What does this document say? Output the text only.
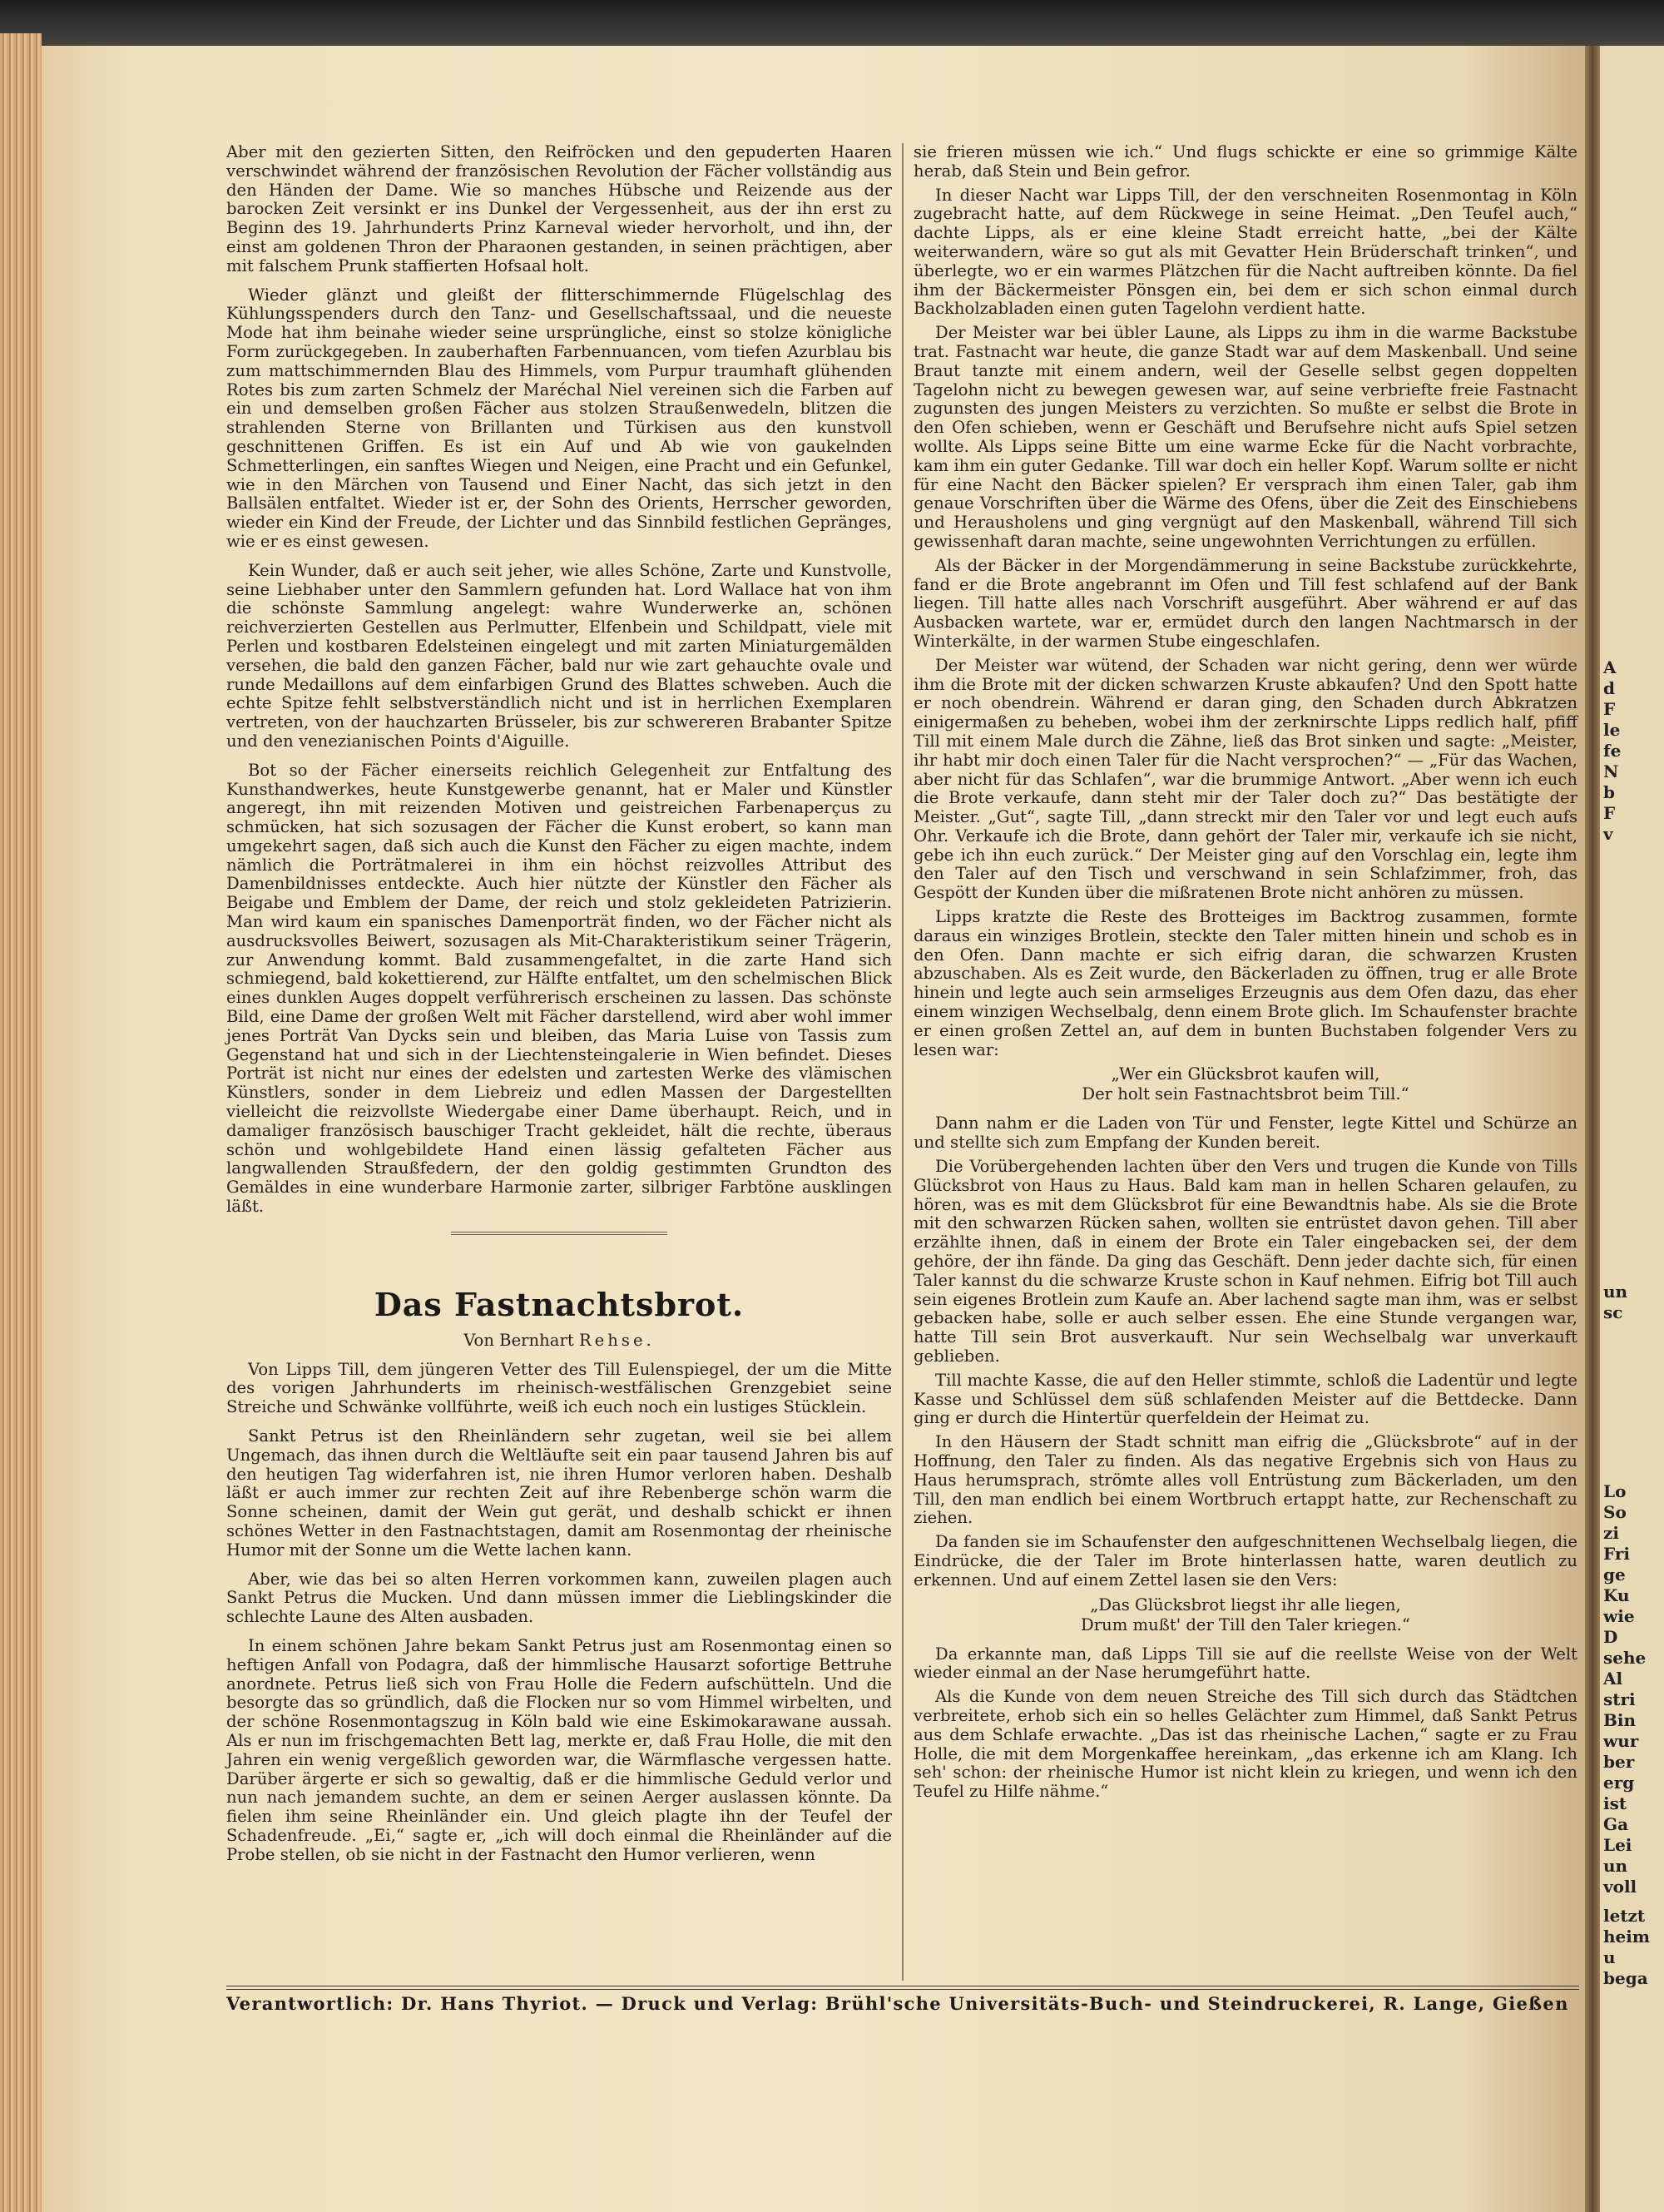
Aber mit den gezierten Sitten, den Reifröcken und den gepuderten Haaren verschwindet während der französischen Revolution der Fächer vollständig aus den Händen der Dame. Wie so manches Hübsche und Reizende aus der barocken Zeit versinkt er ins Dunkel der Vergessenheit, aus der ihn erst zu Beginn des 19. Jahrhunderts Prinz Karneval wieder hervorholt, und ihn, der einst am goldenen Thron der Pharaonen gestanden, in seinen prächtigen, aber mit falschem Prunk staffierten Hofsaal holt.

Wieder glänzt und gleißt der flitterschimmernde Flügelschlag des Kühlungsspenders durch den Tanz- und Gesellschaftssaal, und die neueste Mode hat ihm beinahe wieder seine ursprüngliche, einst so stolze königliche Form zurückgegeben. In zauberhaften Farbennuancen, vom tiefen Azurblau bis zum mattschimmernden Blau des Himmels, vom Purpur traumhaft glühenden Rotes bis zum zarten Schmelz der Maréchal Niel vereinen sich die Farben auf ein und demselben großen Fächer aus stolzen Straußenwedeln, blitzen die strahlenden Sterne von Brillanten und Türkisen aus den kunstvoll geschnittenen Griffen. Es ist ein Auf und Ab wie von gaukelnden Schmetterlingen, ein sanftes Wiegen und Neigen, eine Pracht und ein Gefunkel, wie in den Märchen von Tausend und Einer Nacht, das sich jetzt in den Ballsälen entfaltet. Wieder ist er, der Sohn des Orients, Herrscher geworden, wieder ein Kind der Freude, der Lichter und das Sinnbild festlichen Gepränges, wie er es einst gewesen.

Kein Wunder, daß er auch seit jeher, wie alles Schöne, Zarte und Kunstvolle, seine Liebhaber unter den Sammlern gefunden hat. Lord Wallace hat von ihm die schönste Sammlung angelegt: wahre Wunderwerke an, schönen reichverzierten Gestellen aus Perlmutter, Elfenbein und Schildpatt, viele mit Perlen und kostbaren Edelsteinen eingelegt und mit zarten Miniaturgemälden versehen, die bald den ganzen Fächer, bald nur wie zart gehauchte ovale und runde Medaillons auf dem einfarbigen Grund des Blattes schweben. Auch die echte Spitze fehlt selbstverständlich nicht und ist in herrlichen Exemplaren vertreten, von der hauchzarten Brüsseler, bis zur schwereren Brabanter Spitze und den venezianischen Points d'Aiguille.

Bot so der Fächer einerseits reichlich Gelegenheit zur Entfaltung des Kunsthandwerkes, heute Kunstgewerbe genannt, hat er Maler und Künstler angeregt, ihn mit reizenden Motiven und geistreichen Farbenaperçus zu schmücken, hat sich sozusagen der Fächer die Kunst erobert, so kann man umgekehrt sagen, daß sich auch die Kunst den Fächer zu eigen machte, indem nämlich die Porträtmalerei in ihm ein höchst reizvolles Attribut des Damenbildnisses entdeckte. Auch hier nützte der Künstler den Fächer als Beigabe und Emblem der Dame, der reich und stolz gekleideten Patrizierin. Man wird kaum ein spanisches Damenporträt finden, wo der Fächer nicht als ausdrucksvolles Beiwert, sozusagen als Mit-Charakteristikum seiner Trägerin, zur Anwendung kommt. Bald zusammengefaltet, in die zarte Hand sich schmiegend, bald kokettierend, zur Hälfte entfaltet, um den schelmischen Blick eines dunklen Auges doppelt verführerisch erscheinen zu lassen. Das schönste Bild, eine Dame der großen Welt mit Fächer darstellend, wird aber wohl immer jenes Porträt Van Dycks sein und bleiben, das Maria Luise von Tassis zum Gegenstand hat und sich in der Liechtensteingalerie in Wien befindet. Dieses Porträt ist nicht nur eines der edelsten und zartesten Werke des vlämischen Künstlers, sonder in dem Liebreiz und edlen Massen der Dargestellten vielleicht die reizvollste Wiedergabe einer Dame überhaupt. Reich, und in damaliger französisch bauschiger Tracht gekleidet, hält die rechte, überaus schön und wohlgebildete Hand einen lässig gefalteten Fächer aus langwallenden Straußfedern, der den goldig gestimmten Grundton des Gemäldes in eine wunderbare Harmonie zarter, silbriger Farbtöne ausklingen läßt.

Das Fastnachtsbrot.
Von Bernhart Rehse.

Von Lipps Till, dem jüngeren Vetter des Till Eulenspiegel, der um die Mitte des vorigen Jahrhunderts im rheinisch-westfälischen Grenzgebiet seine Streiche und Schwänke vollführte, weiß ich euch noch ein lustiges Stücklein.

Sankt Petrus ist den Rheinländern sehr zugetan, weil sie bei allem Ungemach, das ihnen durch die Weltläufte seit ein paar tausend Jahren bis auf den heutigen Tag widerfahren ist, nie ihren Humor verloren haben. Deshalb läßt er auch immer zur rechten Zeit auf ihre Rebenberge schön warm die Sonne scheinen, damit der Wein gut gerät, und deshalb schickt er ihnen schönes Wetter in den Fastnachtstagen, damit am Rosenmontag der rheinische Humor mit der Sonne um die Wette lachen kann.

Aber, wie das bei so alten Herren vorkommen kann, zuweilen plagen auch Sankt Petrus die Mucken. Und dann müssen immer die Lieblingskinder die schlechte Laune des Alten ausbaden.

In einem schönen Jahre bekam Sankt Petrus just am Rosenmontag einen so heftigen Anfall von Podagra, daß der himmlische Hausarzt sofortige Bettruhe anordnete. Petrus ließ sich von Frau Holle die Federn aufschütteln. Und die besorgte das so gründlich, daß die Flocken nur so vom Himmel wirbelten, und der schöne Rosenmontagszug in Köln bald wie eine Eskimokarawane aussah. Als er nun im frischgemachten Bett lag, merkte er, daß Frau Holle, die mit den Jahren ein wenig vergeßlich geworden war, die Wärmflasche vergessen hatte. Darüber ärgerte er sich so gewaltig, daß er die himmlische Geduld verlor und nun nach jemandem suchte, an dem er seinen Aerger auslassen könnte. Da fielen ihm seine Rheinländer ein. Und gleich plagte ihn der Teufel der Schadenfreude. „Ei,“ sagte er, „ich will doch einmal die Rheinländer auf die Probe stellen, ob sie nicht in der Fastnacht den Humor verlieren, wenn

sie frieren müssen wie ich.“ Und flugs schickte er eine so grimmige Kälte herab, daß Stein und Bein gefror.

In dieser Nacht war Lipps Till, der den verschneiten Rosenmontag in Köln zugebracht hatte, auf dem Rückwege in seine Heimat. „Den Teufel auch,“ dachte Lipps, als er eine kleine Stadt erreicht hatte, „bei der Kälte weiterwandern, wäre so gut als mit Gevatter Hein Brüderschaft trinken“, und überlegte, wo er ein warmes Plätzchen für die Nacht auftreiben könnte. Da fiel ihm der Bäckermeister Pönsgen ein, bei dem er sich schon einmal durch Backholzabladen einen guten Tagelohn verdient hatte.

Der Meister war bei übler Laune, als Lipps zu ihm in die warme Backstube trat. Fastnacht war heute, die ganze Stadt war auf dem Maskenball. Und seine Braut tanzte mit einem andern, weil der Geselle selbst gegen doppelten Tagelohn nicht zu bewegen gewesen war, auf seine verbriefte freie Fastnacht zugunsten des jungen Meisters zu verzichten. So mußte er selbst die Brote in den Ofen schieben, wenn er Geschäft und Berufsehre nicht aufs Spiel setzen wollte. Als Lipps seine Bitte um eine warme Ecke für die Nacht vorbrachte, kam ihm ein guter Gedanke. Till war doch ein heller Kopf. Warum sollte er nicht für eine Nacht den Bäcker spielen? Er versprach ihm einen Taler, gab ihm genaue Vorschriften über die Wärme des Ofens, über die Zeit des Einschiebens und Herausholens und ging vergnügt auf den Maskenball, während Till sich gewissenhaft daran machte, seine ungewohnten Verrichtungen zu erfüllen.

Als der Bäcker in der Morgendämmerung in seine Backstube zurückkehrte, fand er die Brote angebrannt im Ofen und Till fest schlafend auf der Bank liegen. Till hatte alles nach Vorschrift ausgeführt. Aber während er auf das Ausbacken wartete, war er, ermüdet durch den langen Nachtmarsch in der Winterkälte, in der warmen Stube eingeschlafen.

Der Meister war wütend, der Schaden war nicht gering, denn wer würde ihm die Brote mit der dicken schwarzen Kruste abkaufen? Und den Spott hatte er noch obendrein. Während er daran ging, den Schaden durch Abkratzen einigermaßen zu beheben, wobei ihm der zerknirschte Lipps redlich half, pfiff Till mit einem Male durch die Zähne, ließ das Brot sinken und sagte: „Meister, ihr habt mir doch einen Taler für die Nacht versprochen?“ — „Für das Wachen, aber nicht für das Schlafen“, war die brummige Antwort. „Aber wenn ich euch die Brote verkaufe, dann steht mir der Taler doch zu?“ Das bestätigte der Meister. „Gut“, sagte Till, „dann streckt mir den Taler vor und legt euch aufs Ohr. Verkaufe ich die Brote, dann gehört der Taler mir, verkaufe ich sie nicht, gebe ich ihn euch zurück.“ Der Meister ging auf den Vorschlag ein, legte ihm den Taler auf den Tisch und verschwand in sein Schlafzimmer, froh, das Gespött der Kunden über die mißratenen Brote nicht anhören zu müssen.

Lipps kratzte die Reste des Brotteiges im Backtrog zusammen, formte daraus ein winziges Brotlein, steckte den Taler mitten hinein und schob es in den Ofen. Dann machte er sich eifrig daran, die schwarzen Krusten abzuschaben. Als es Zeit wurde, den Bäckerladen zu öffnen, trug er alle Brote hinein und legte auch sein armseliges Erzeugnis aus dem Ofen dazu, das eher einem winzigen Wechselbalg, denn einem Brote glich. Im Schaufenster brachte er einen großen Zettel an, auf dem in bunten Buchstaben folgender Vers zu lesen war:

„Wer ein Glücksbrot kaufen will,
Der holt sein Fastnachtsbrot beim Till.“

Dann nahm er die Laden von Tür und Fenster, legte Kittel und Schürze an und stellte sich zum Empfang der Kunden bereit.

Die Vorübergehenden lachten über den Vers und trugen die Kunde von Tills Glücksbrot von Haus zu Haus. Bald kam man in hellen Scharen gelaufen, zu hören, was es mit dem Glücksbrot für eine Bewandtnis habe. Als sie die Brote mit den schwarzen Rücken sahen, wollten sie entrüstet davon gehen. Till aber erzählte ihnen, daß in einem der Brote ein Taler eingebacken sei, der dem gehöre, der ihn fände. Da ging das Geschäft. Denn jeder dachte sich, für einen Taler kannst du die schwarze Kruste schon in Kauf nehmen. Eifrig bot Till auch sein eigenes Brotlein zum Kaufe an. Aber lachend sagte man ihm, was er selbst gebacken habe, solle er auch selber essen. Ehe eine Stunde vergangen war, hatte Till sein Brot ausverkauft. Nur sein Wechselbalg war unverkauft geblieben.

Till machte Kasse, die auf den Heller stimmte, schloß die Ladentür und legte Kasse und Schlüssel dem süß schlafenden Meister auf die Bettdecke. Dann ging er durch die Hintertür querfeldein der Heimat zu.

In den Häusern der Stadt schnitt man eifrig die „Glücksbrote“ auf in der Hoffnung, den Taler zu finden. Als das negative Ergebnis sich von Haus zu Haus herumsprach, strömte alles voll Entrüstung zum Bäckerladen, um den Till, den man endlich bei einem Wortbruch ertappt hatte, zur Rechenschaft zu ziehen.

Da fanden sie im Schaufenster den aufgeschnittenen Wechselbalg liegen, die Eindrücke, die der Taler im Brote hinterlassen hatte, waren deutlich zu erkennen. Und auf einem Zettel lasen sie den Vers:

„Das Glücksbrot liegst ihr alle liegen,
Drum mußt' der Till den Taler kriegen.“

Da erkannte man, daß Lipps Till sie auf die reellste Weise von der Welt wieder einmal an der Nase herumgeführt hatte.

Als die Kunde von dem neuen Streiche des Till sich durch das Städtchen verbreitete, erhob sich ein so helles Gelächter zum Himmel, daß Sankt Petrus aus dem Schlafe erwachte. „Das ist das rheinische Lachen,“ sagte er zu Frau Holle, die mit dem Morgenkaffee hereinkam, „das erkenne ich am Klang. Ich seh' schon: der rheinische Humor ist nicht klein zu kriegen, und wenn ich den Teufel zu Hilfe nähme.“

Verantwortlich: Dr. Hans Thyriot. — Druck und Verlag: Brühl'sche Universitäts-Buch- und Steindruckerei, R. Lange, Gießen
A
d
F
le
fe
N
b
F
v
un
sc
Lo
So
zi
Fri
ge
Ku
wie
D
sehe
Al
stri
Bin
wur
ber
erg
ist
Ga
Lei
un
voll
letzt
heim
u
bega
